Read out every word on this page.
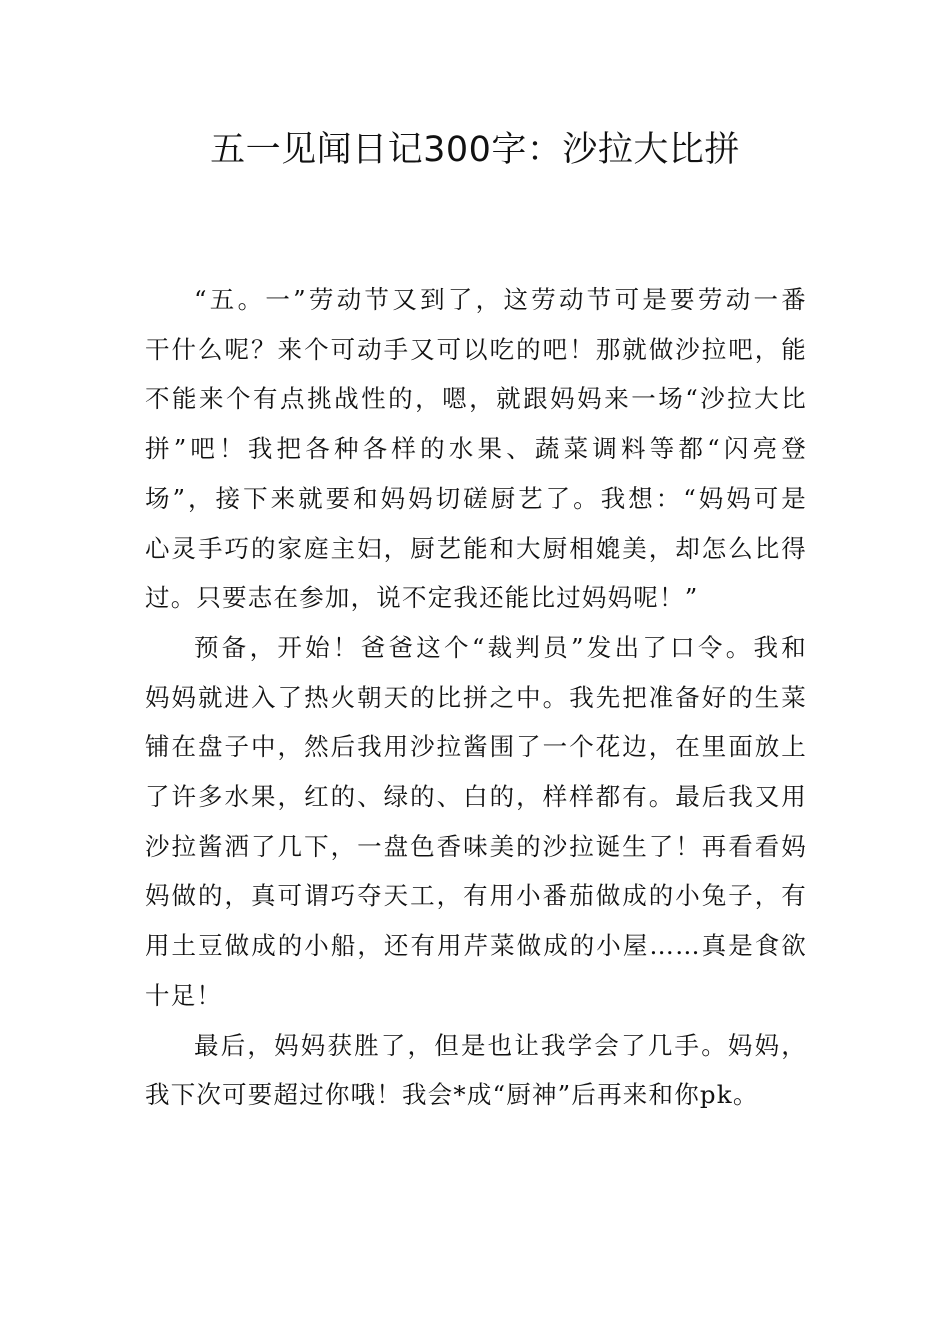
五一见闻日记300字：沙拉大比拼

“五。一”劳动节又到了，这劳动节可是要劳动一番
干什么呢？来个可动手又可以吃的吧！那就做沙拉吧，能
不能来个有点挑战性的，嗯，就跟妈妈来一场“沙拉大比
拼”吧！我把各种各样的水果、蔬菜调料等都“闪亮登
场”，接下来就要和妈妈切磋厨艺了。我想：“妈妈可是
心灵手巧的家庭主妇，厨艺能和大厨相媲美，却怎么比得
过。只要志在参加，说不定我还能比过妈妈呢！”

预备，开始！爸爸这个“裁判员”发出了口令。我和
妈妈就进入了热火朝天的比拼之中。我先把准备好的生菜
铺在盘子中，然后我用沙拉酱围了一个花边，在里面放上
了许多水果，红的、绿的、白的，样样都有。最后我又用
沙拉酱洒了几下，一盘色香味美的沙拉诞生了！再看看妈
妈做的，真可谓巧夺天工，有用小番茄做成的小兔子，有
用土豆做成的小船，还有用芹菜做成的小屋……真是食欲
十足！

最后，妈妈获胜了，但是也让我学会了几手。妈妈，
我下次可要超过你哦！我会*成“厨神”后再来和你pk。
